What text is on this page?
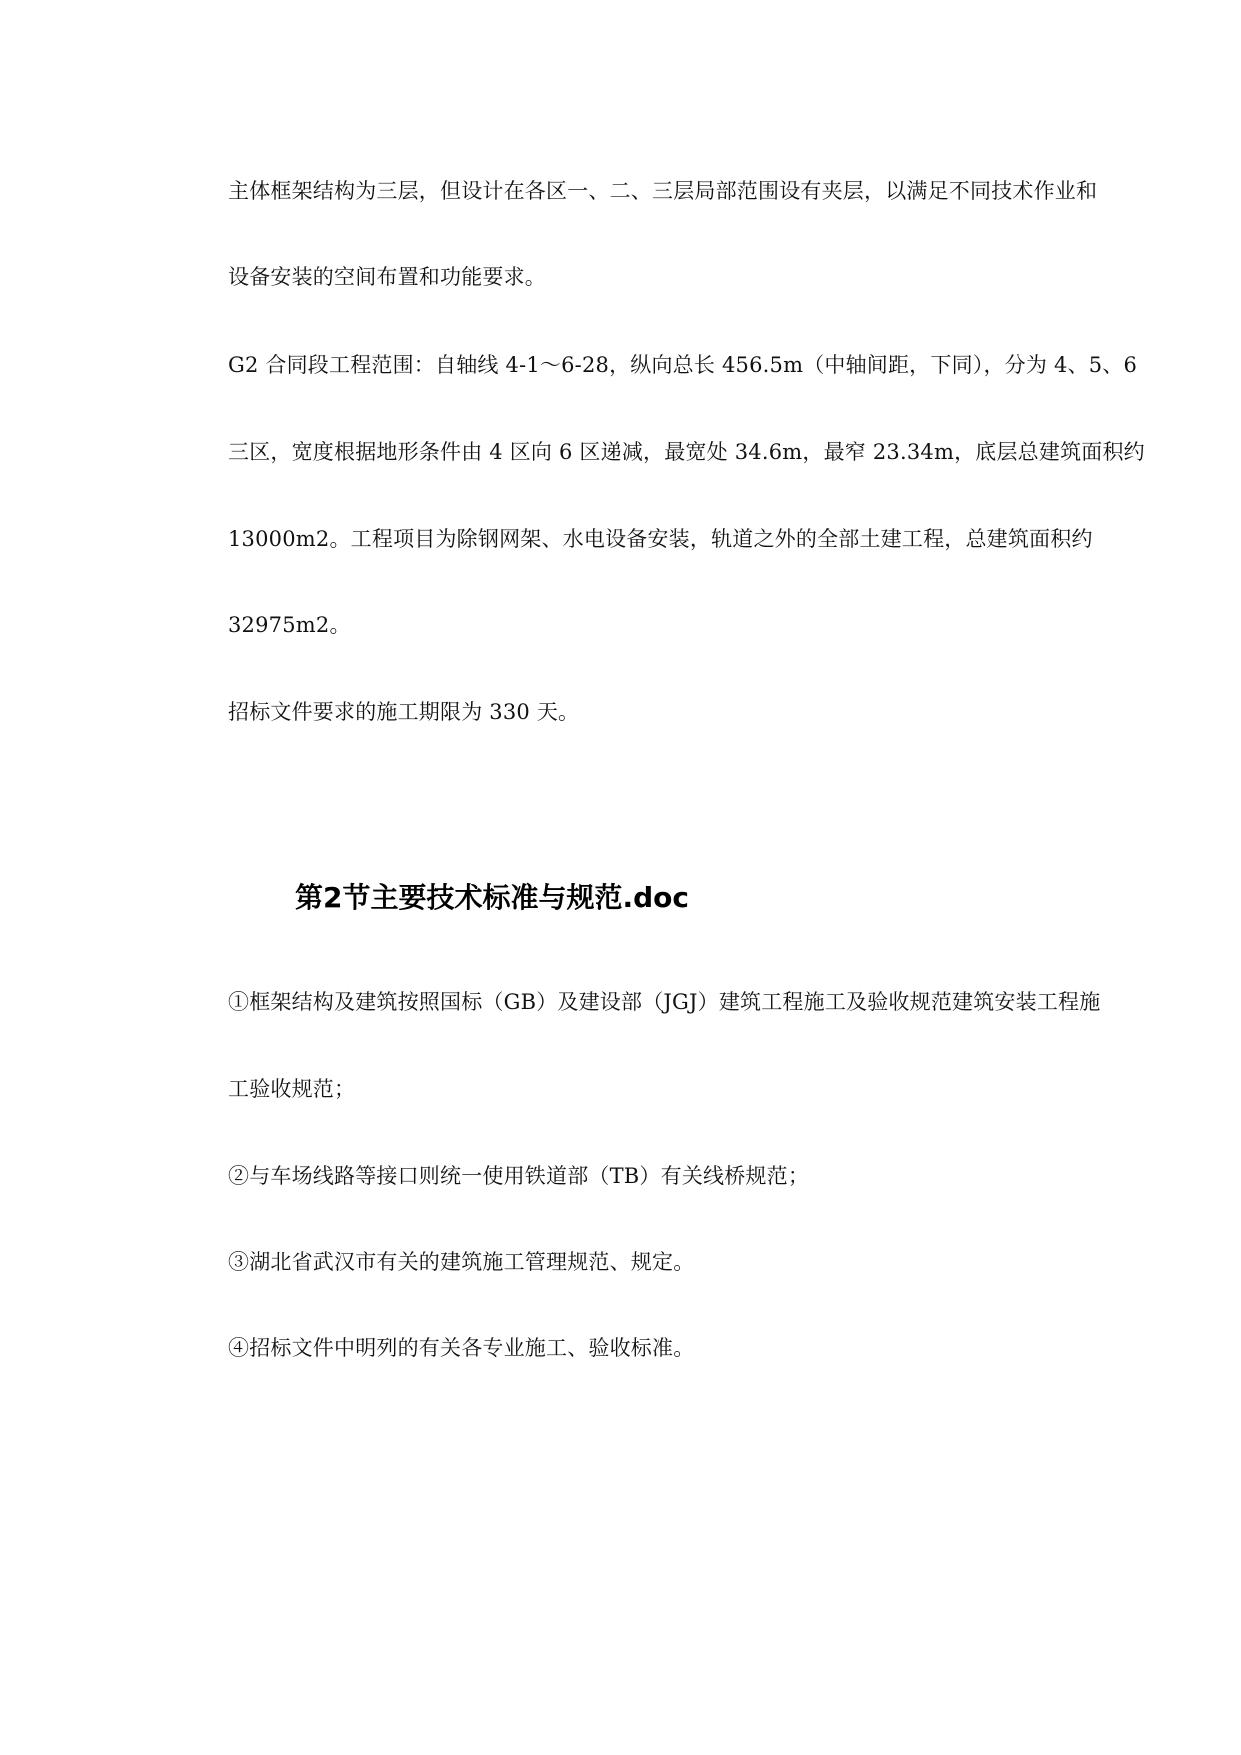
主体框架结构为三层，但设计在各区一、二、三层局部范围设有夹层，以满足不同技术作业和
设备安装的空间布置和功能要求。
G2 合同段工程范围：自轴线 4-1～6-28，纵向总长 456.5m（中轴间距，下同），分为 4、5、6
三区，宽度根据地形条件由 4 区向 6 区递减，最宽处 34.6m，最窄 23.34m，底层总建筑面积约
13000m2。工程项目为除钢网架、水电设备安装，轨道之外的全部土建工程，总建筑面积约
32975m2。
招标文件要求的施工期限为 330 天。
第2节主要技术标准与规范.doc
①框架结构及建筑按照国标（GB）及建设部（JGJ）建筑工程施工及验收规范建筑安装工程施
工验收规范；
②与车场线路等接口则统一使用铁道部（TB）有关线桥规范；
③湖北省武汉市有关的建筑施工管理规范、规定。
④招标文件中明列的有关各专业施工、验收标准。
